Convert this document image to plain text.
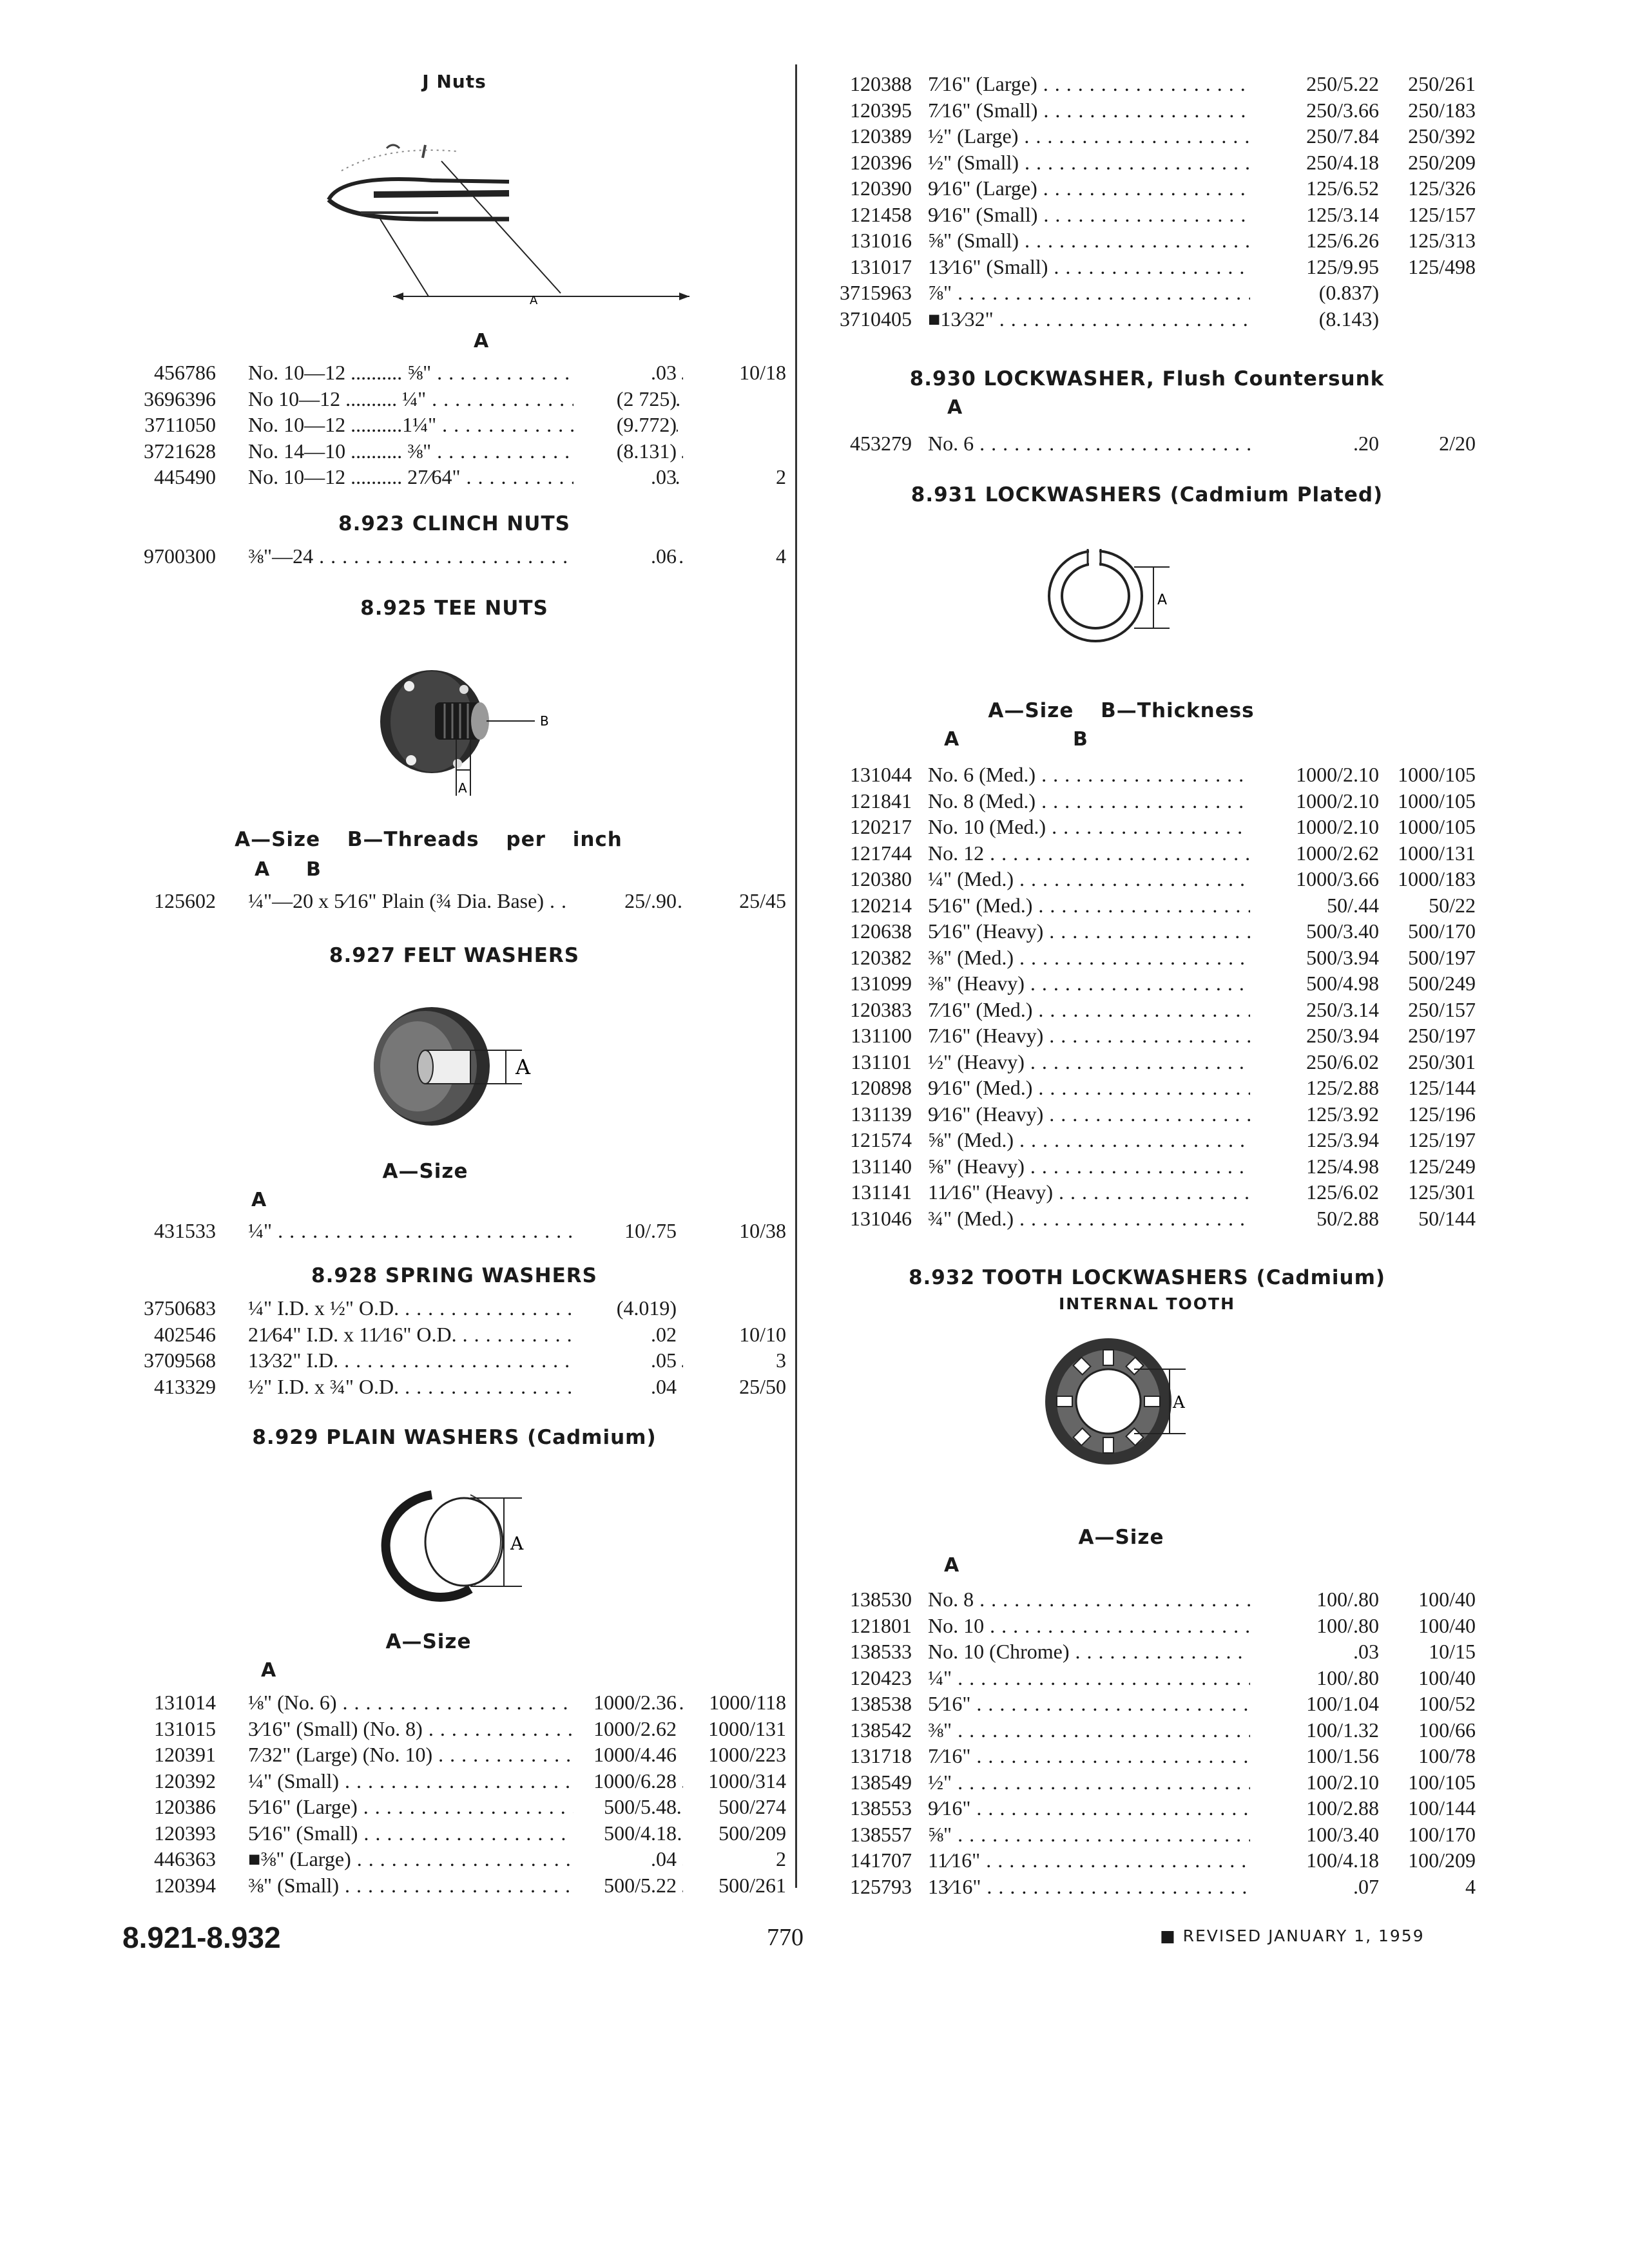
J Nuts
A
A
456786 No. 10—12 .......... ⅝" . . .	.03	10/18
3696396 No 10—12 .......... ¼" . . .	(2 725)
3711050 No. 10—12 ..........1¼" . . .	(9.772)
3721628 No. 14—10 .......... ⅜" . . .	(8.131)
445490 No. 10—12 .......... 27⁄64" . . .	.03	2
8.923 CLINCH NUTS
9700300 ⅜"—24 . . .	.06	4
8.925 TEE NUTS
B
A
A—Size B—Threads per inch
A B
125602 ¼"—20 x 5⁄16" Plain (¾ Dia. Base) . . .	25/.90	25/45
8.927 FELT WASHERS
A
A—Size
A
431533 ¼" . . .	10/.75	10/38
8.928 SPRING WASHERS
3750683 ¼" I.D. x ½" O.D. . . .	(4.019)
402546 21⁄64" I.D. x 11⁄16" O.D. . . .	.02	10/10
3709568 13⁄32" I.D. . . .	.05	3
413329 ½" I.D. x ¾" O.D. . . .	.04	25/50
8.929 PLAIN WASHERS (Cadmium)
A
A—Size
A
131014 ⅛" (No. 6) . . .	1000/2.36 1000/118
131015 3⁄16" (Small) (No. 8) . . .	1000/2.62 1000/131
120391 7⁄32" (Large) (No. 10) . . .	1000/4.46 1000/223
120392 ¼" (Small) . . .	1000/6.28 1000/314
120386 5⁄16" (Large) . . .	500/5.48 500/274
120393 5⁄16" (Small) . . .	500/4.18 500/209
446363 ■⅜" (Large) . . .	.04	2
120394 ⅜" (Small) . . .	500/5.22 500/261
120388 7⁄16" (Large) . . .	250/5.22 250/261
120395 7⁄16" (Small) . . .	250/3.66 250/183
120389 ½" (Large) . . .	250/7.84 250/392
120396 ½" (Small) . . .	250/4.18 250/209
120390 9⁄16" (Large) . . .	125/6.52 125/326
121458 9⁄16" (Small) . . .	125/3.14 125/157
131016 ⅝" (Small) . . .	125/6.26 125/313
131017 13⁄16" (Small) . . .	125/9.95 125/498
3715963 ⅞" . . .	(0.837)
3710405 ■13⁄32" . . .	(8.143)
8.930 LOCKWASHER, Flush Countersunk
A
453279 No. 6 . . .	.20	2/20
8.931 LOCKWASHERS (Cadmium Plated)
A
A—Size B—Thickness
A	B
131044 No. 6 (Med.) . . .	1000/2.10 1000/105
121841 No. 8 (Med.) . . .	1000/2.10 1000/105
120217 No. 10 (Med.) . . .	1000/2.10 1000/105
121744 No. 12 . . .	1000/2.62 1000/131
120380 ¼" (Med.) . . .	1000/3.66 1000/183
120214 5⁄16" (Med.) . . .	50/.44 50/22
120638 5⁄16" (Heavy) . . .	500/3.40 500/170
120382 ⅜" (Med.) . . .	500/3.94 500/197
131099 ⅜" (Heavy) . . .	500/4.98 500/249
120383 7⁄16" (Med.) . . .	250/3.14 250/157
131100 7⁄16" (Heavy) . . .	250/3.94 250/197
131101 ½" (Heavy) . . .	250/6.02 250/301
120898 9⁄16" (Med.) . . .	125/2.88 125/144
131139 9⁄16" (Heavy) . . .	125/3.92 125/196
121574 ⅝" (Med.) . . .	125/3.94 125/197
131140 ⅝" (Heavy) . . .	125/4.98 125/249
131141 11⁄16" (Heavy) . . .	125/6.02 125/301
131046 ¾" (Med.) . . .	50/2.88 50/144
8.932 TOOTH LOCKWASHERS (Cadmium)
INTERNAL TOOTH
A
A—Size
A
138530 No. 8 . . .	100/.80 100/40
121801 No. 10 . . .	100/.80 100/40
138533 No. 10 (Chrome) . . .	.03 10/15
120423 ¼" . . .	100/.80 100/40
138538 5⁄16" . . .	100/1.04 100/52
138542 ⅜" . . .	100/1.32 100/66
131718 7⁄16" . . .	100/1.56 100/78
138549 ½" . . .	100/2.10 100/105
138553 9⁄16" . . .	100/2.88 100/144
138557 ⅝" . . .	100/3.40 100/170
141707 11⁄16" . . .	100/4.18 100/209
125793 13⁄16" . . .	.07	4
8.921-8.932	770	■ REVISED JANUARY 1, 1959
